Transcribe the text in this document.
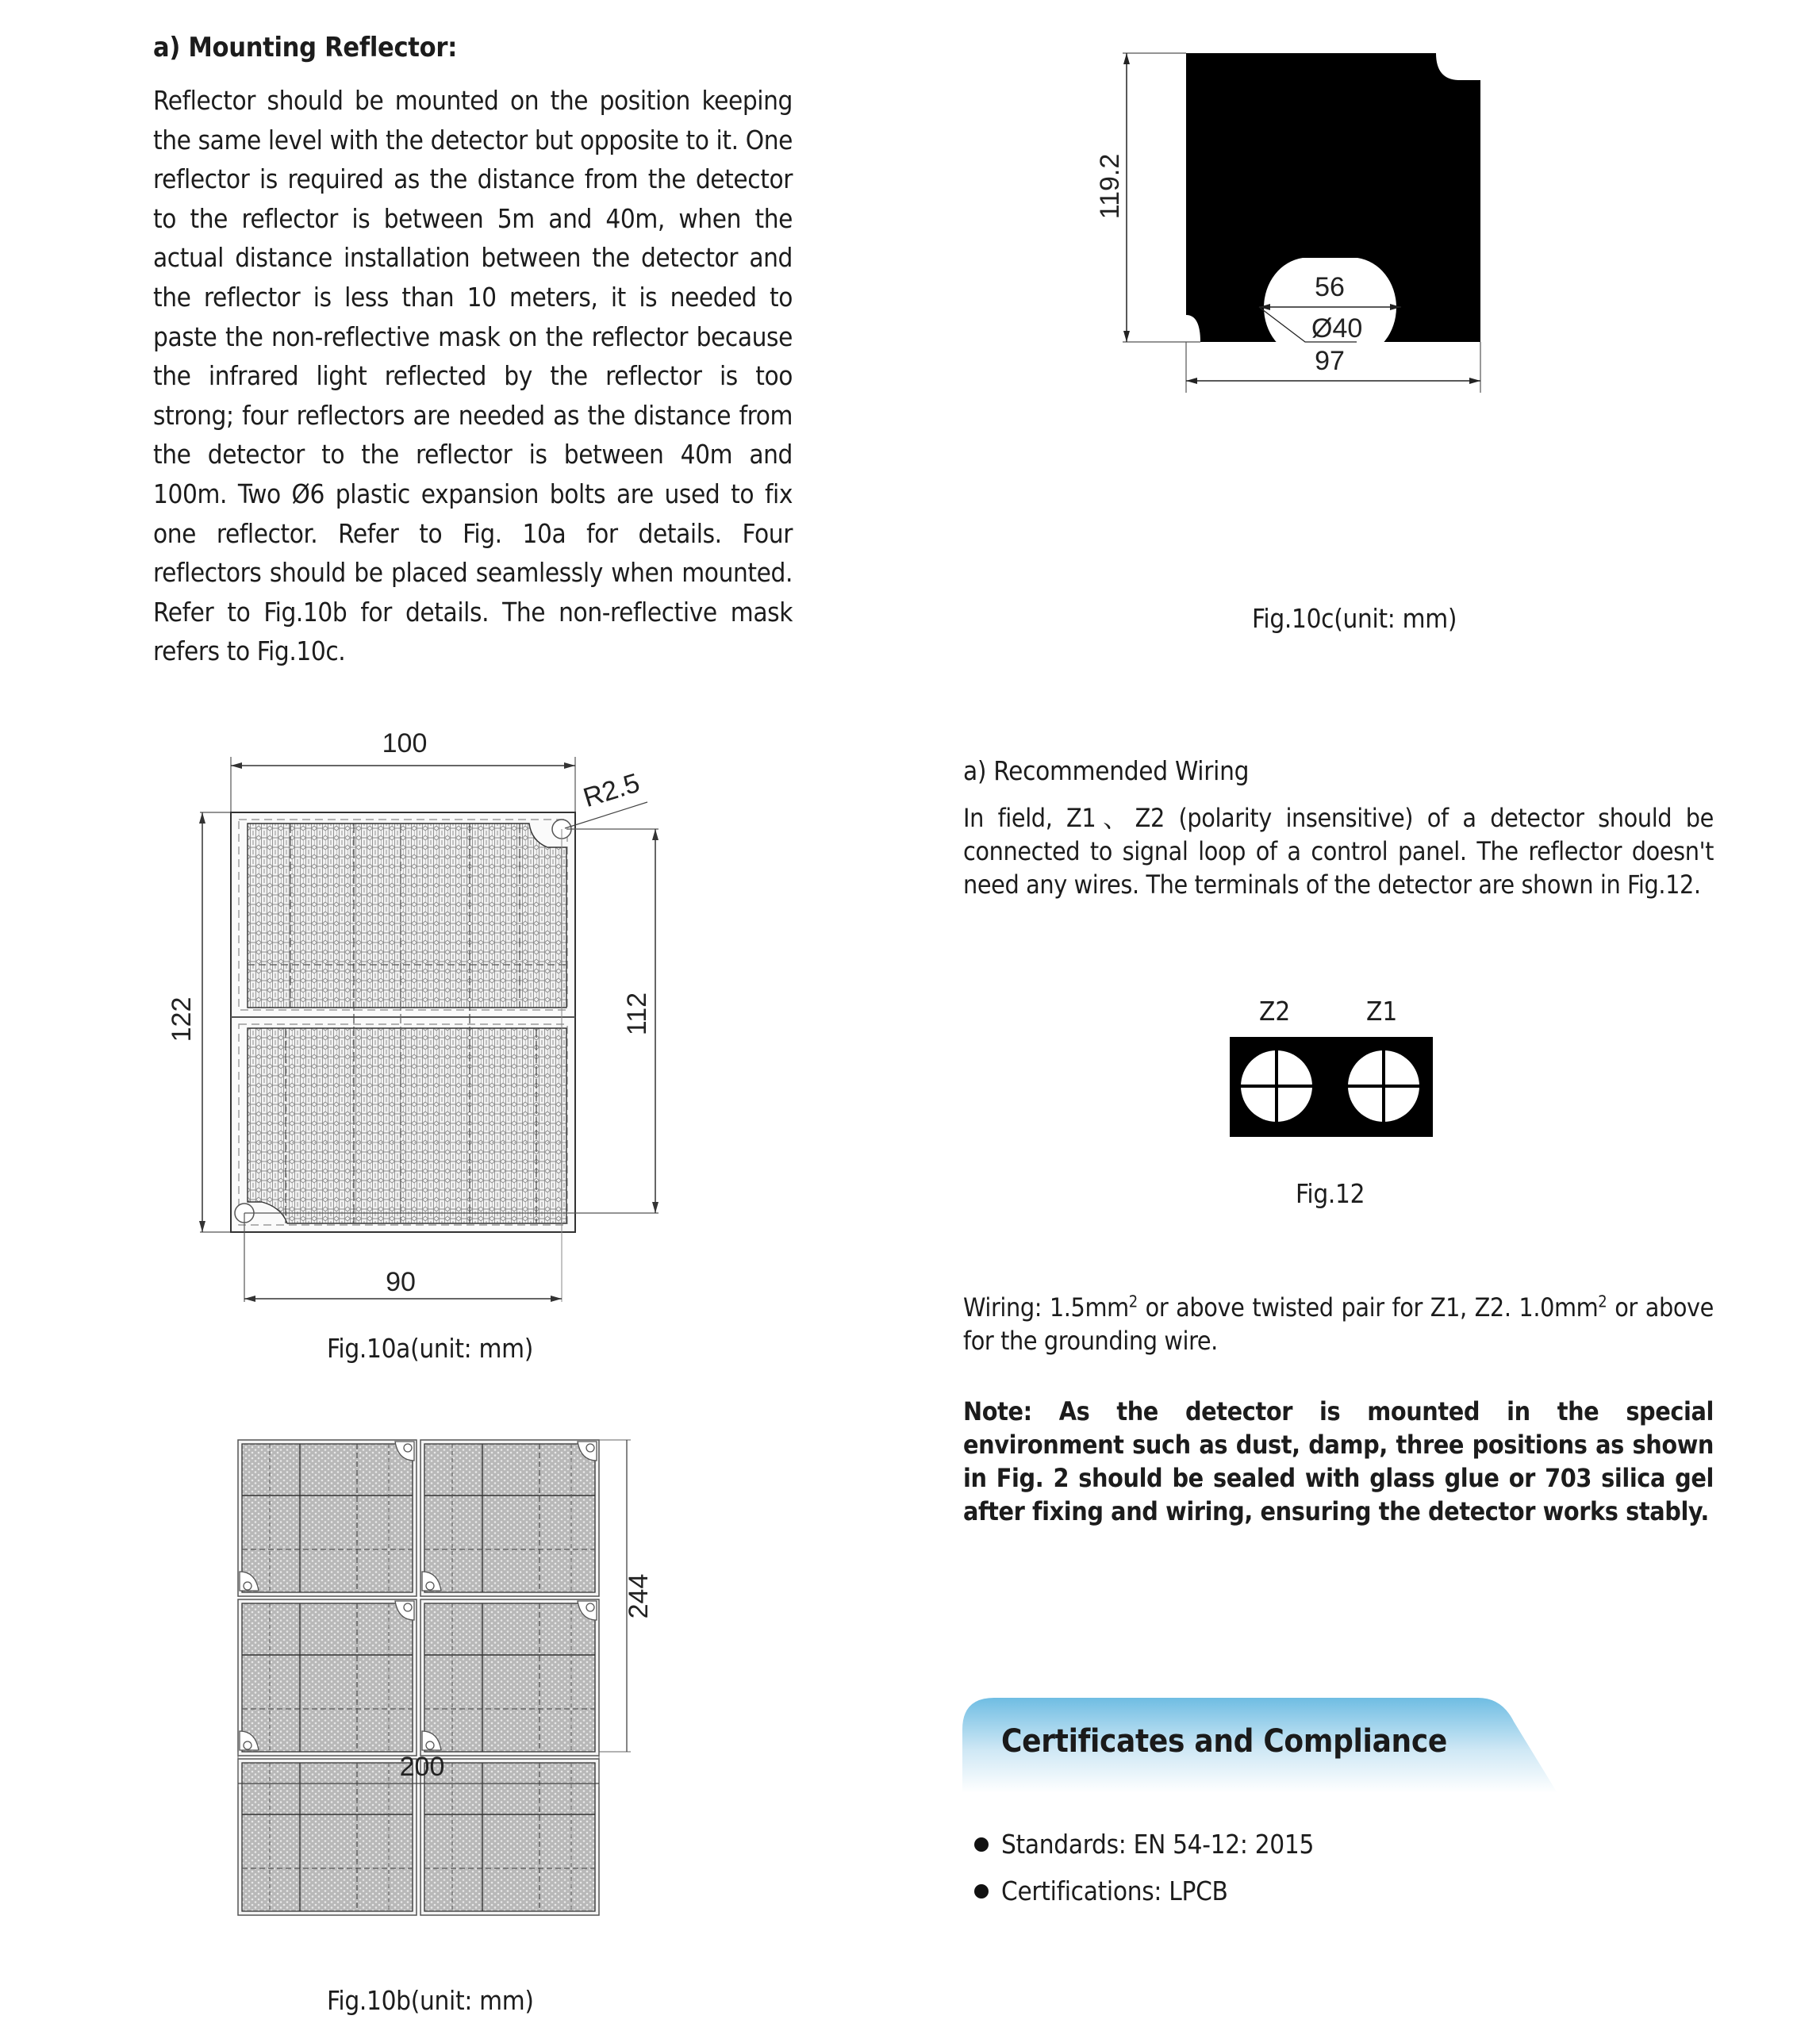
a) Mounting Reflector:

Reflector should be mounted on the position keeping the same level with the detector but opposite to it. One reflector is required as the distance from the detector to the reflector is between 5m and 40m, when the actual distance installation between the detector and the reflector is less than 10 meters, it is needed to paste the non-reflective mask on the reflector because the infrared light reflected by the reflector is too strong; four reflectors are needed as the distance from the detector to the reflector is between 40m and 100m. Two Ø6 plastic expansion bolts are used to fix one reflector. Refer to Fig. 10a for details. Four reflectors should be placed seamlessly when mounted. Refer to Fig.10b for details. The non-reflective mask refers to Fig.10c.

100
122
R2.5
112
90
Fig.10a(unit: mm)
244
200
Fig.10b(unit: mm)
56
Ø40
119.2
97
Fig.10c(unit: mm)
a) Recommended Wiring

In field, Z1、Z2 (polarity insensitive) of a detector should be connected to signal loop of a control panel. The reflector doesn't need any wires. The terminals of the detector are shown in Fig.12.

Z2	Z1
Fig.12

Wiring: $1.5mm^2$ or above twisted pair for Z1, Z2. $1.0mm^2$ or above for the grounding wire.

Note: As the detector is mounted in the special environment such as dust, damp, three positions as shown in Fig. 2 should be sealed with glass glue or 703 silica gel after fixing and wiring, ensuring the detector works stably.

Certificates and Compliance
Standards: EN 54-12: 2015
Certifications: LPCB
